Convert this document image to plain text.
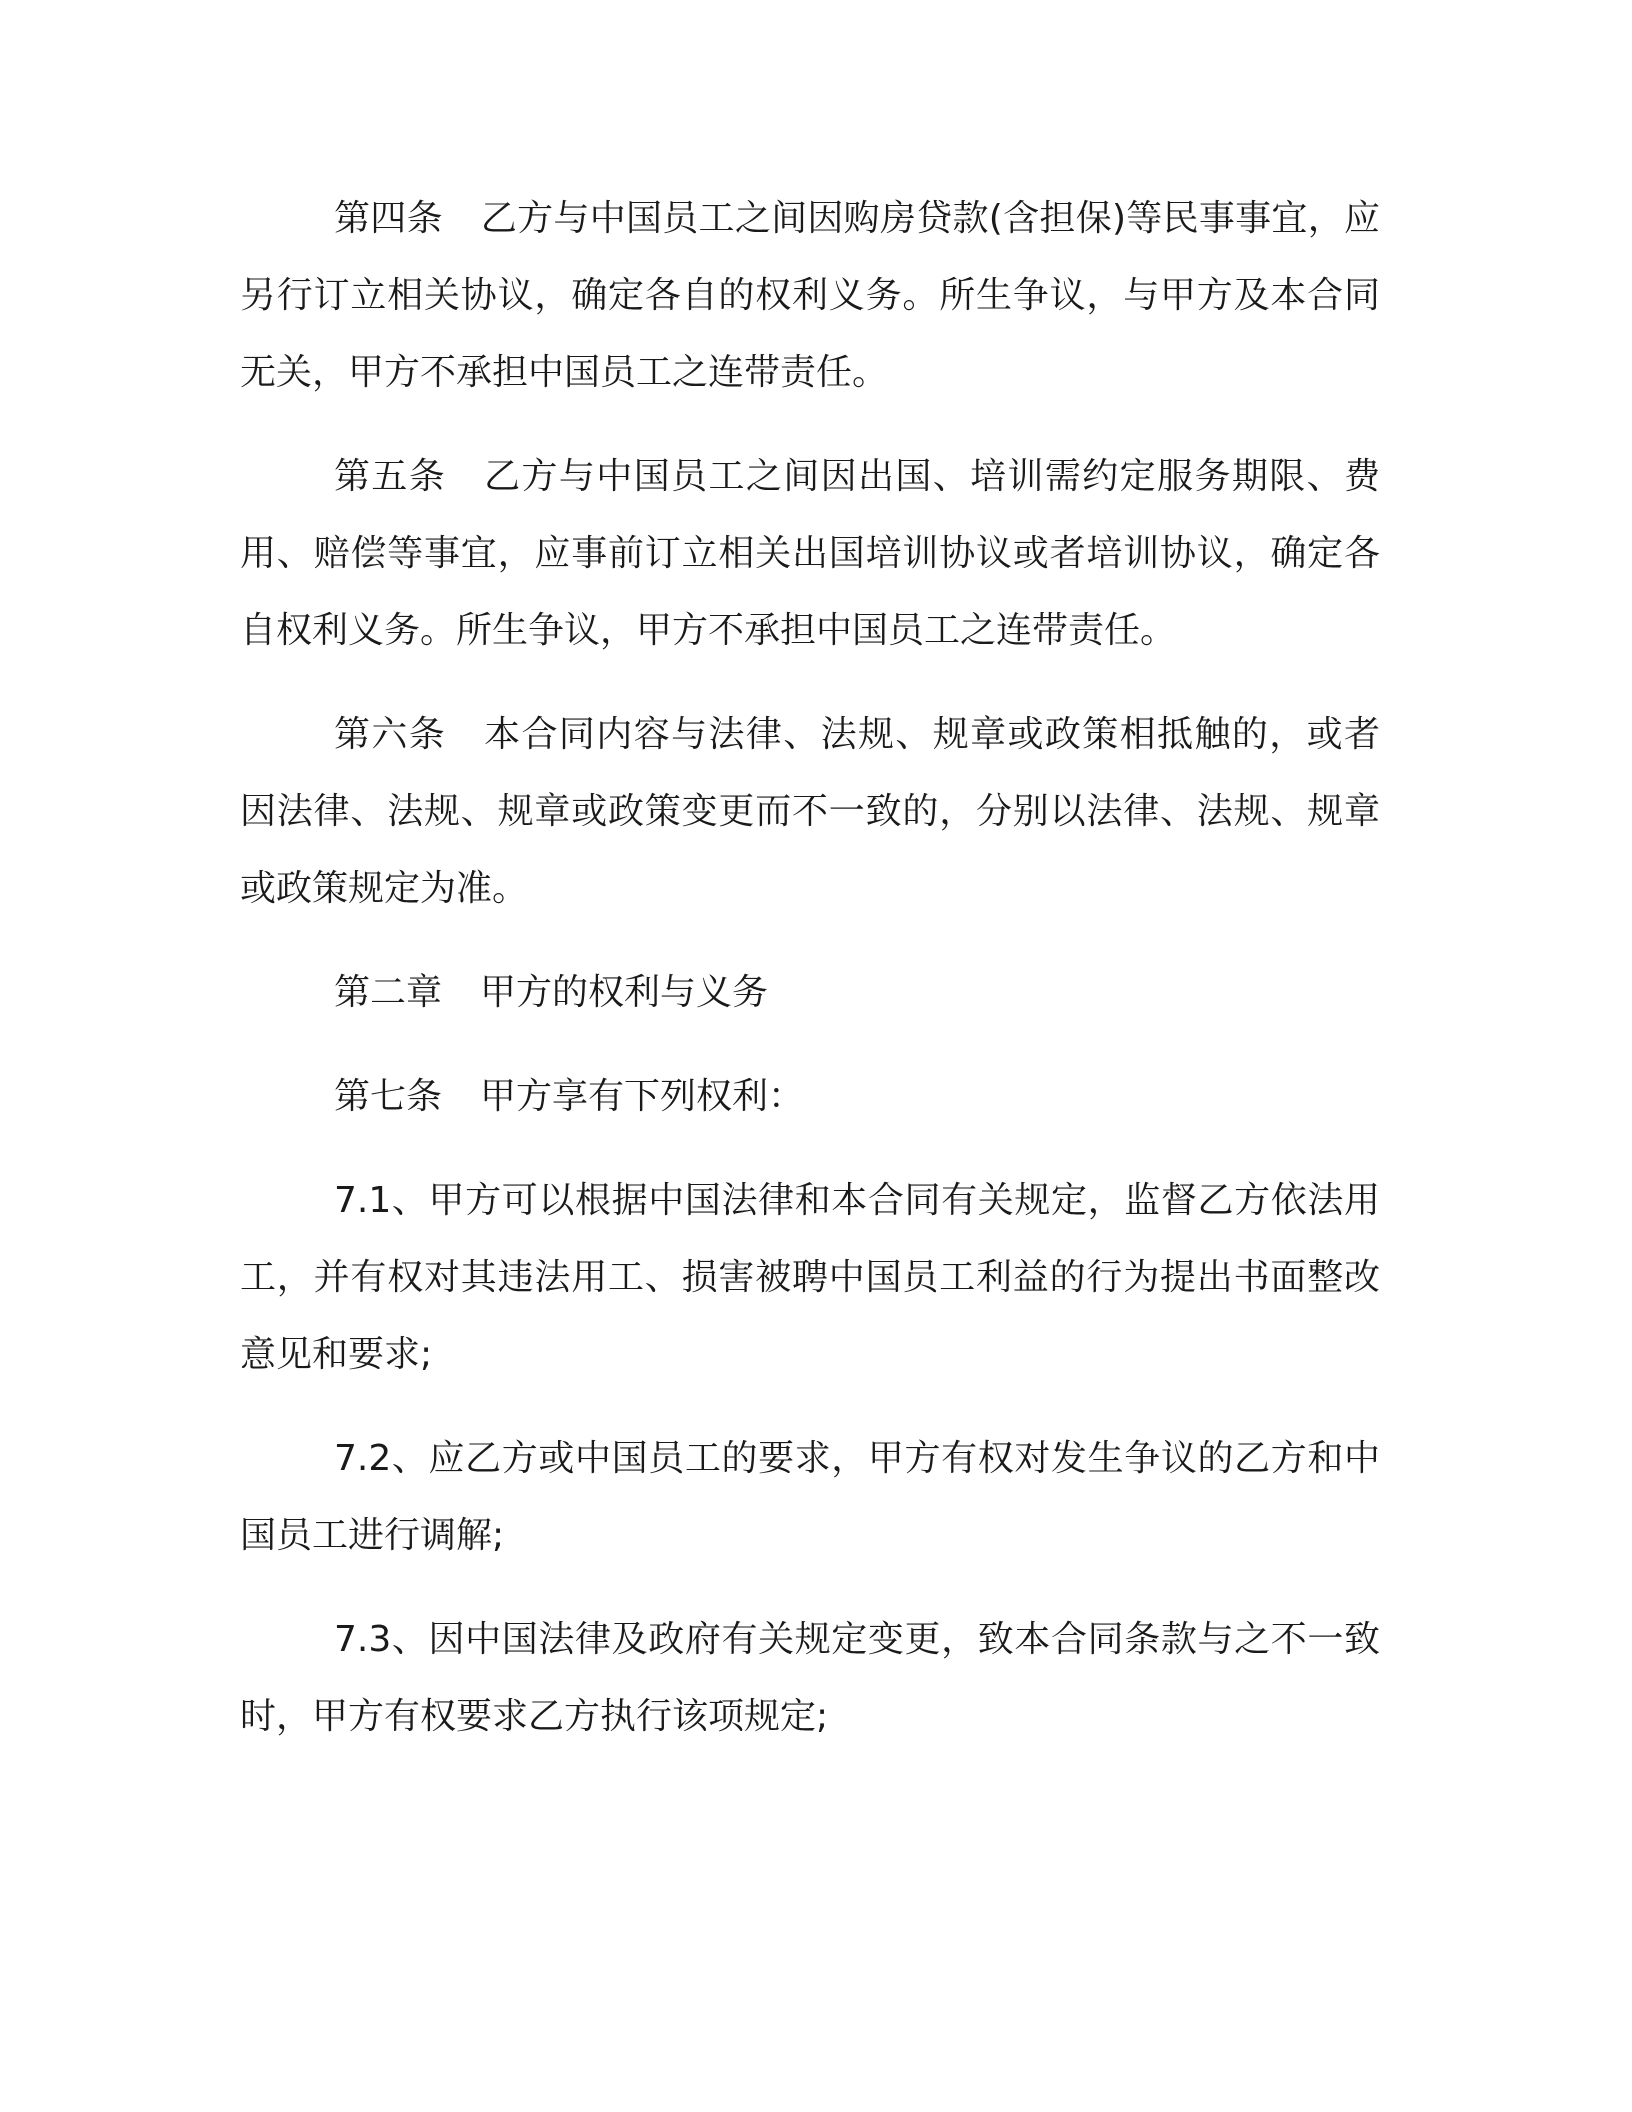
第四条 乙方与中国员工之间因购房贷款(含担保)等民事事宜，应另行订立相关协议，确定各自的权利义务。所生争议，与甲方及本合同无关，甲方不承担中国员工之连带责任。

第五条 乙方与中国员工之间因出国、培训需约定服务期限、费用、赔偿等事宜，应事前订立相关出国培训协议或者培训协议，确定各自权利义务。所生争议，甲方不承担中国员工之连带责任。

第六条 本合同内容与法律、法规、规章或政策相抵触的，或者因法律、法规、规章或政策变更而不一致的，分别以法律、法规、规章或政策规定为准。

第二章 甲方的权利与义务

第七条 甲方享有下列权利：

7.1、甲方可以根据中国法律和本合同有关规定，监督乙方依法用工，并有权对其违法用工、损害被聘中国员工利益的行为提出书面整改意见和要求;

7.2、应乙方或中国员工的要求，甲方有权对发生争议的乙方和中国员工进行调解;

7.3、因中国法律及政府有关规定变更，致本合同条款与之不一致时，甲方有权要求乙方执行该项规定;
